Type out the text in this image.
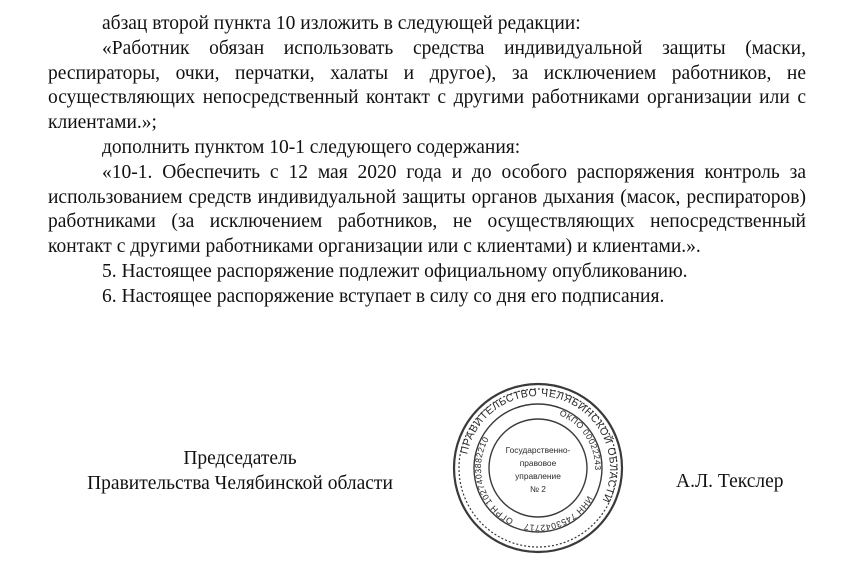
абзац второй пункта 10 изложить в следующей редакции:

«Работник обязан использовать средства индивидуальной защиты (маски, респираторы, очки, перчатки, халаты и другое), за исключением работников, не осуществляющих непосредственный контакт с другими работниками организации или с клиентами.»;

дополнить пунктом 10-1 следующего содержания:

«10-1. Обеспечить с 12 мая 2020 года и до особого распоряжения контроль за использованием средств индивидуальной защиты органов дыхания (масок, респираторов) работниками (за исключением работников, не осуществляющих непосредственный контакт с другими работниками организации или с клиентами) и клиентами.».

5. Настоящее распоряжение подлежит официальному опубликованию.

6. Настоящее распоряжение вступает в силу со дня его подписания.

Председатель
Правительства Челябинской области
ПРАВИТЕЛЬСТВО ЧЕЛЯБИНСКОЙ ОБЛАСТИ
ОГРН 1027403882210
ОКПО 00022243
ИНН 7453042717
Государственно-
правовое
управление
№ 2	А.Л. Текслер
